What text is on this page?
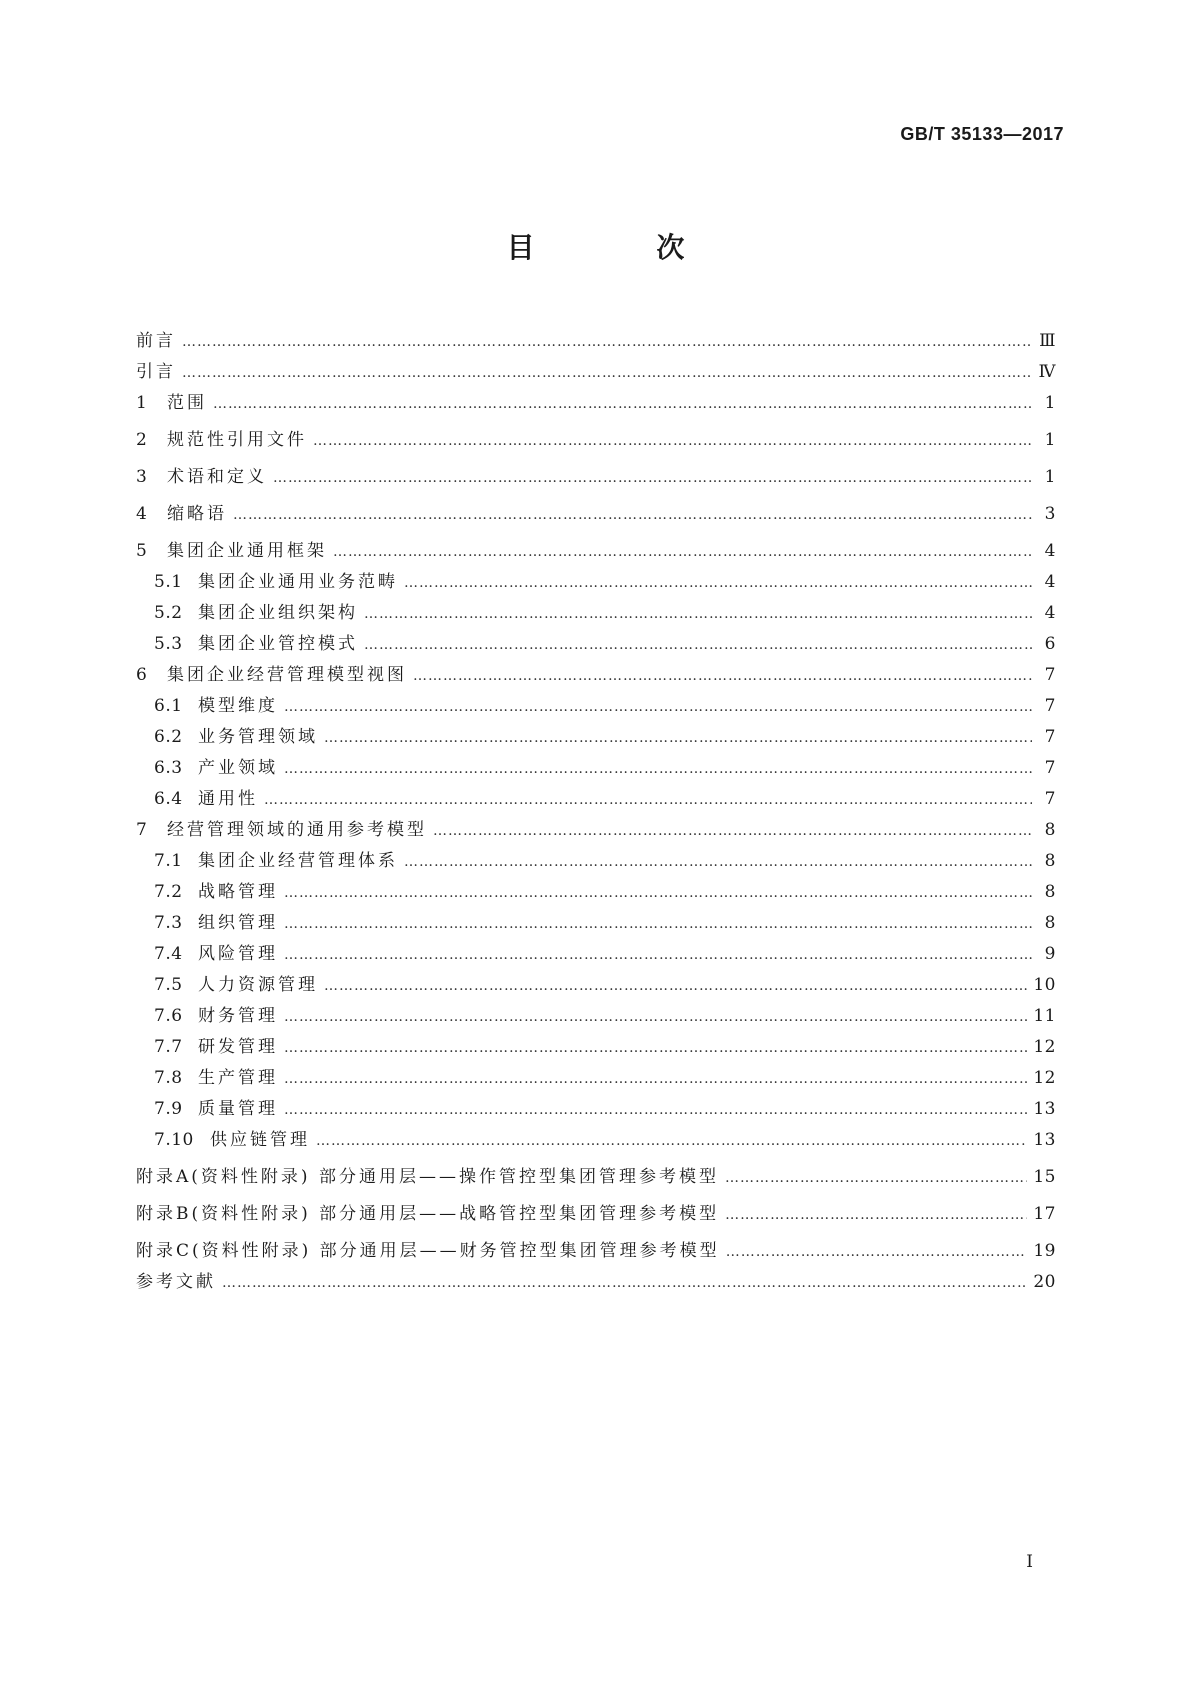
GB/T 35133—2017
目 次
前言 …………………………………………………………………………………………………………………………………………………………………………………………………………………………………………	Ⅲ
引言 …………………………………………………………………………………………………………………………………………………………………………………………………………………………………………	Ⅳ
1 范围 …………………………………………………………………………………………………………………………………………………………………………………………………………………………………………	1
2 规范性引用文件 …………………………………………………………………………………………………………………………………………………………………………………………………………………………………………	1
3 术语和定义 …………………………………………………………………………………………………………………………………………………………………………………………………………………………………………	1
4 缩略语 …………………………………………………………………………………………………………………………………………………………………………………………………………………………………………	3
5 集团企业通用框架 …………………………………………………………………………………………………………………………………………………………………………………………………………………………………………	4
5.1 集团企业通用业务范畴 …………………………………………………………………………………………………………………………………………………………………………………………………………………………………………	4
5.2 集团企业组织架构 …………………………………………………………………………………………………………………………………………………………………………………………………………………………………………	4
5.3 集团企业管控模式 …………………………………………………………………………………………………………………………………………………………………………………………………………………………………………	6
6 集团企业经营管理模型视图 …………………………………………………………………………………………………………………………………………………………………………………………………………………………………………	7
6.1 模型维度 …………………………………………………………………………………………………………………………………………………………………………………………………………………………………………	7
6.2 业务管理领域 …………………………………………………………………………………………………………………………………………………………………………………………………………………………………………	7
6.3 产业领域 …………………………………………………………………………………………………………………………………………………………………………………………………………………………………………	7
6.4 通用性 …………………………………………………………………………………………………………………………………………………………………………………………………………………………………………	7
7 经营管理领域的通用参考模型 …………………………………………………………………………………………………………………………………………………………………………………………………………………………………………	8
7.1 集团企业经营管理体系 …………………………………………………………………………………………………………………………………………………………………………………………………………………………………………	8
7.2 战略管理 …………………………………………………………………………………………………………………………………………………………………………………………………………………………………………	8
7.3 组织管理 …………………………………………………………………………………………………………………………………………………………………………………………………………………………………………	8
7.4 风险管理 …………………………………………………………………………………………………………………………………………………………………………………………………………………………………………	9
7.5 人力资源管理 …………………………………………………………………………………………………………………………………………………………………………………………………………………………………………	10
7.6 财务管理 …………………………………………………………………………………………………………………………………………………………………………………………………………………………………………	11
7.7 研发管理 …………………………………………………………………………………………………………………………………………………………………………………………………………………………………………	12
7.8 生产管理 …………………………………………………………………………………………………………………………………………………………………………………………………………………………………………	12
7.9 质量管理 …………………………………………………………………………………………………………………………………………………………………………………………………………………………………………	13
7.10 供应链管理 …………………………………………………………………………………………………………………………………………………………………………………………………………………………………………	13
附录A(资料性附录) 部分通用层——操作管控型集团管理参考模型 …………………………………………………………………………………………………………………………………………………………………………………………………………………………………………	15
附录B(资料性附录) 部分通用层——战略管控型集团管理参考模型 …………………………………………………………………………………………………………………………………………………………………………………………………………………………………………	17
附录C(资料性附录) 部分通用层——财务管控型集团管理参考模型 …………………………………………………………………………………………………………………………………………………………………………………………………………………………………………	19
参考文献 …………………………………………………………………………………………………………………………………………………………………………………………………………………………………………	20
I
